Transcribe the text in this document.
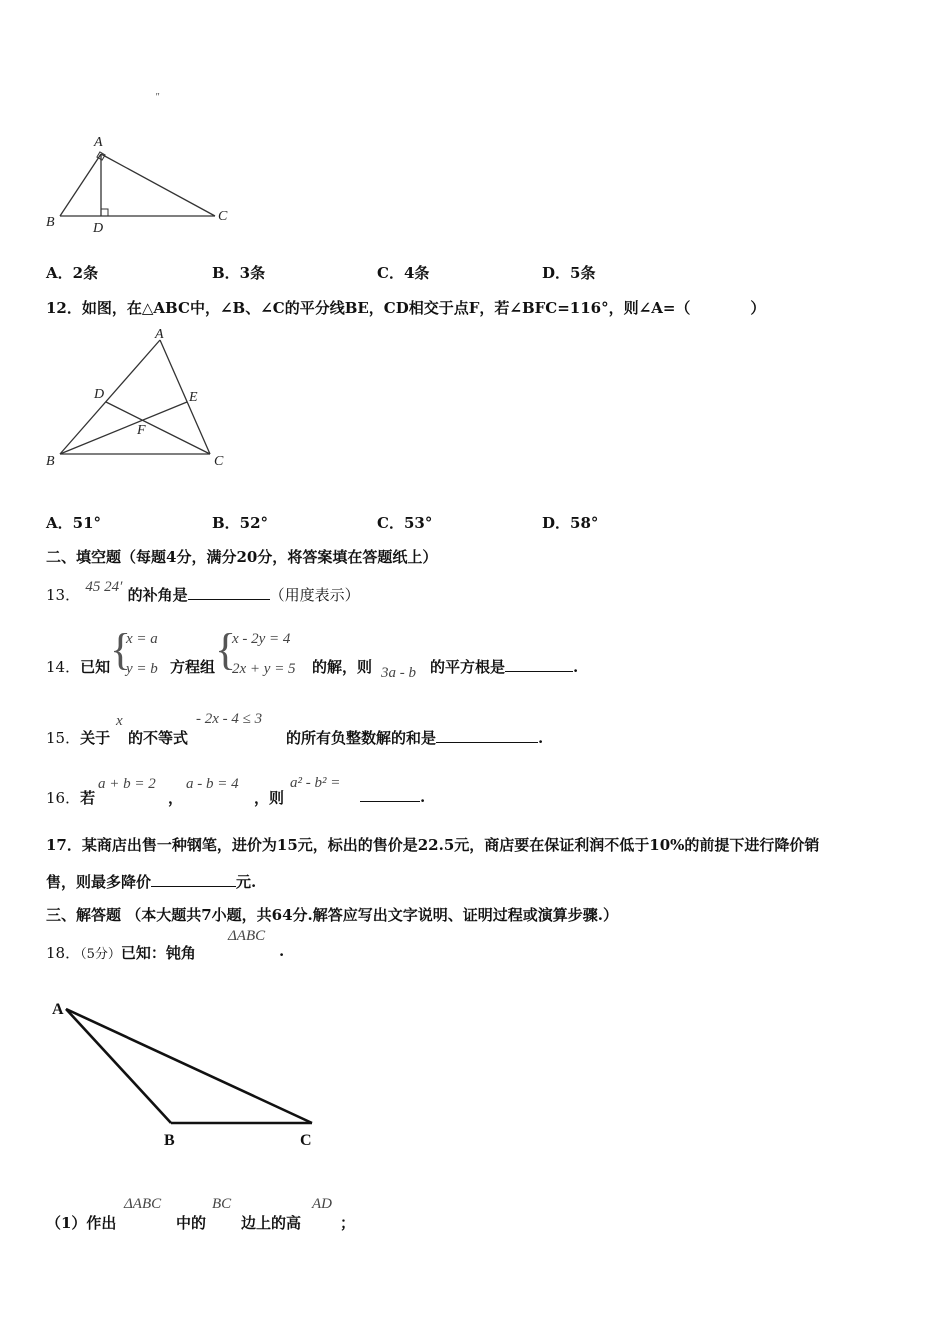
"
A
B	C
D
A．2条	B．3条	C．4条	D．5条
12．如图，在△ABC中，∠B、∠C的平分线BE，CD相交于点F，若∠BFC=116°，则∠A=（　　　　）
A
B	C
D	E
F
A．51°	B．52°	C．53°	D．58°
二、填空题（每题4分，满分20分，将答案填在答题纸上）
13． 45 24′ 的补角是	（用度表示）
14．已知 {
x = a
y = b 方程组 {
x - 2y = 4
2x + y = 5 的解，则 3a - b 的平方根是	.
15．关于
x
的不等式
- 2x - 4 ≤ 3
的所有负整数解的和是	.
16．若
a + b = 2
，
a - b = 4
，则
a² - b² =
.
17．某商店出售一种钢笔，进价为15元，标出的售价是22.5元，商店要在保证利润不低于10%的前提下进行降价销
售，则最多降价	元.
三、解答题 （本大题共7小题，共64分.解答应写出文字说明、证明过程或演算步骤.）
18．（5分）已知：钝角
ΔABC
.
A
B	C
（1）作出
ΔABC
中的
BC
边上的高
AD
；
